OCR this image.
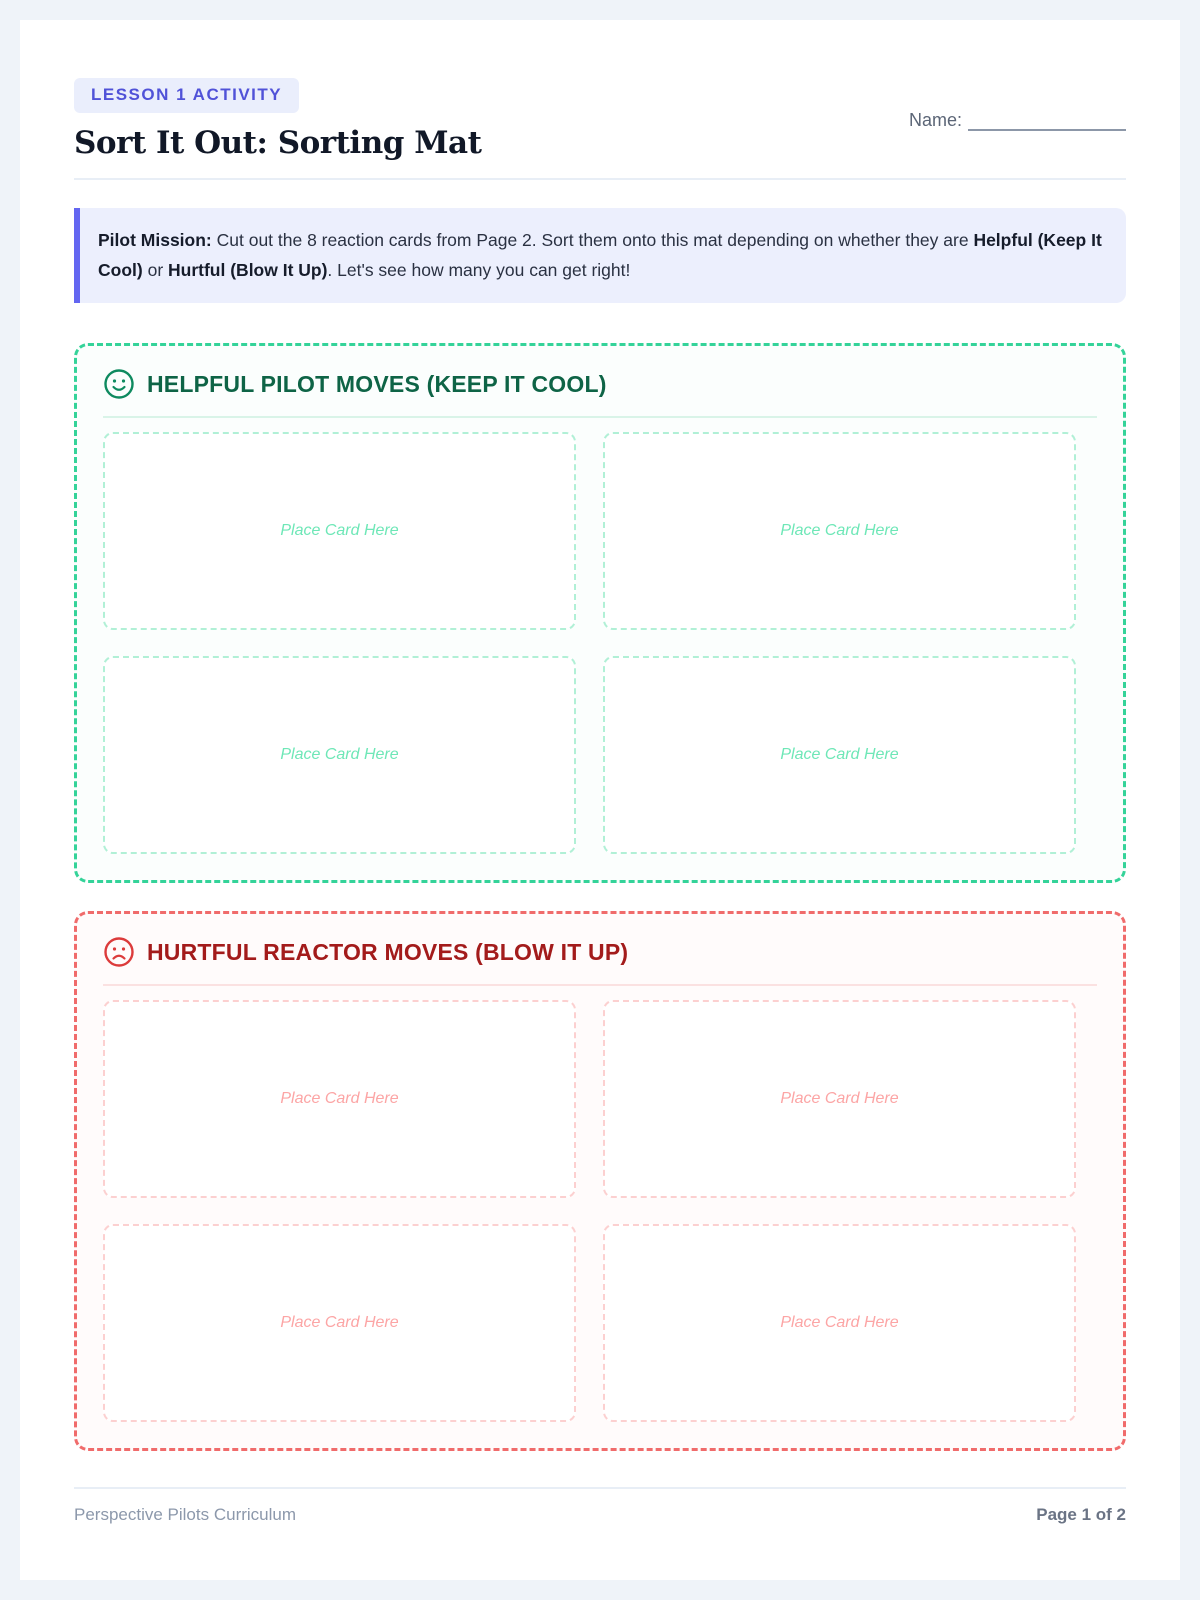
LESSON 1 ACTIVITY
Sort It Out: Sorting Mat
Name:
Pilot Mission: Cut out the 8 reaction cards from Page 2. Sort them onto this mat depending on whether they are Helpful (Keep It Cool) or Hurtful (Blow It Up). Let's see how many you can get right!
HELPFUL PILOT MOVES (KEEP IT COOL)
Place Card Here	Place Card Here
Place Card Here	Place Card Here
HURTFUL REACTOR MOVES (BLOW IT UP)
Place Card Here	Place Card Here
Place Card Here	Place Card Here
Perspective Pilots Curriculum	Page 1 of 2
